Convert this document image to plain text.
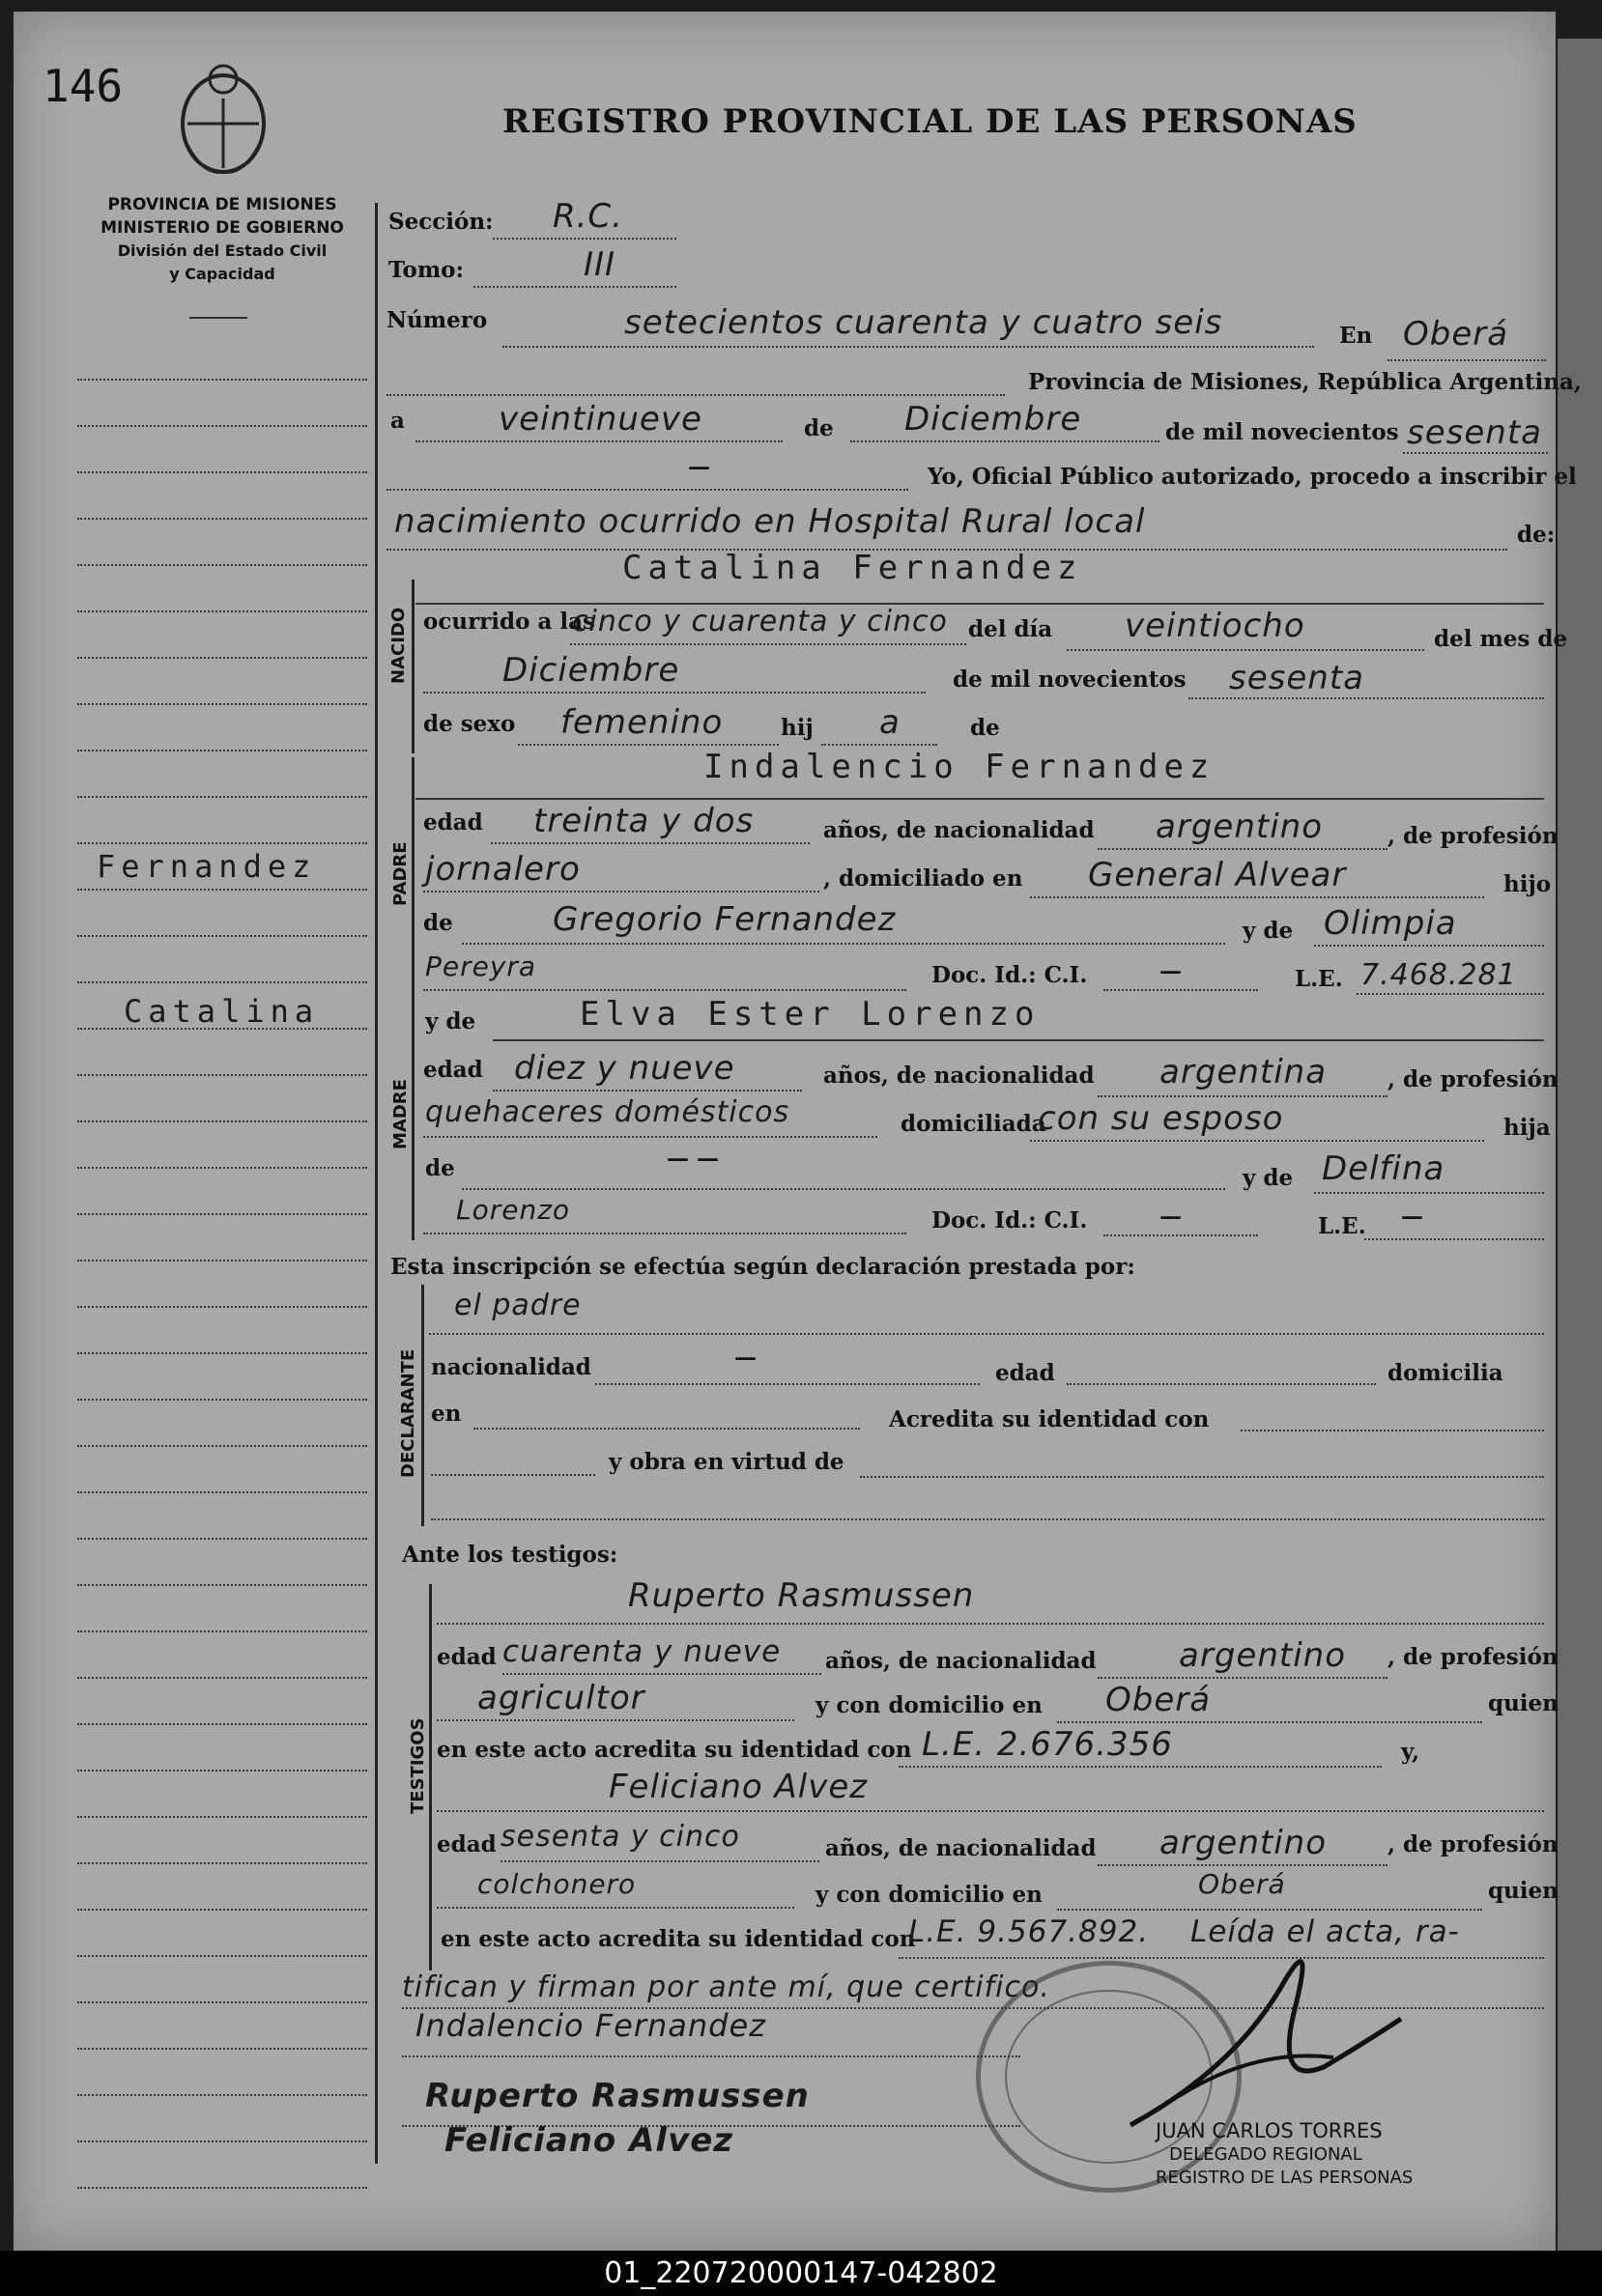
146
REGISTRO PROVINCIAL DE LAS PERSONAS
PROVINCIA DE MISIONES
MINISTERIO DE GOBIERNO
División del Estado Civil
y Capacidad
Fernandez
Catalina
Sección: R.C.
Tomo:	III
Número	setecientos cuarenta y cuatro seis	En Oberá
Provincia de Misiones, República Argentina,
a	veintinueve	de Diciembre	de mil novecientos sesenta
—	Yo, Oficial Público autorizado, procedo a inscribir el
nacimiento ocurrido en Hospital Rural local	de:
NACIDO
Catalina Fernandez
ocurrido a las
cinco y cuarenta y cinco del día veintiocho	del mes de
Diciembre	de mil novecientos sesenta
de sexo femenino	hij a	de
PADRE
Indalencio Fernandez
edad treinta y dos	años, de nacionalidad argentino	, de profesión
jornalero	, domiciliado en General Alvear	hijo
de	Gregorio Fernandez	y de Olimpia
Pereyra	Doc. Id.: C.I.	—	L.E. 7.468.281
MADRE
y de	Elva Ester Lorenzo
edad diez y nueve	años, de nacionalidad argentina	, de profesión
quehaceres domésticos	domiciliada
con su esposo	hija
de	— —
y de Delfina
Lorenzo	Doc. Id.: C.I.	—	L.E. —
Esta inscripción se efectúa según declaración prestada por:
DECLARANTE
el padre
nacionalidad	—
edad	domicilia
en	Acredita su identidad con
y obra en virtud de
Ante los testigos:
TESTIGOS
Ruperto Rasmussen
edad cuarenta y nueve años, de nacionalidad	argentino , de profesión
agricultor	y con domicilio en Oberá	quien
en este acto acredita su identidad con L.E. 2.676.356	y,
Feliciano Alvez
edad sesenta y cinco	años, de nacionalidad argentino	, de profesión
colchonero	y con domicilio en	Oberá	quien
en este acto acredita su identidad con
L.E. 9.567.892. Leída el acta, ra-
tifican y firman por ante mí, que certifico.
Indalencio Fernandez
Ruperto Rasmussen
Feliciano Alvez	JUAN CARLOS TORRES
DELEGADO REGIONAL
REGISTRO DE LAS PERSONAS
01_220720000147-042802
